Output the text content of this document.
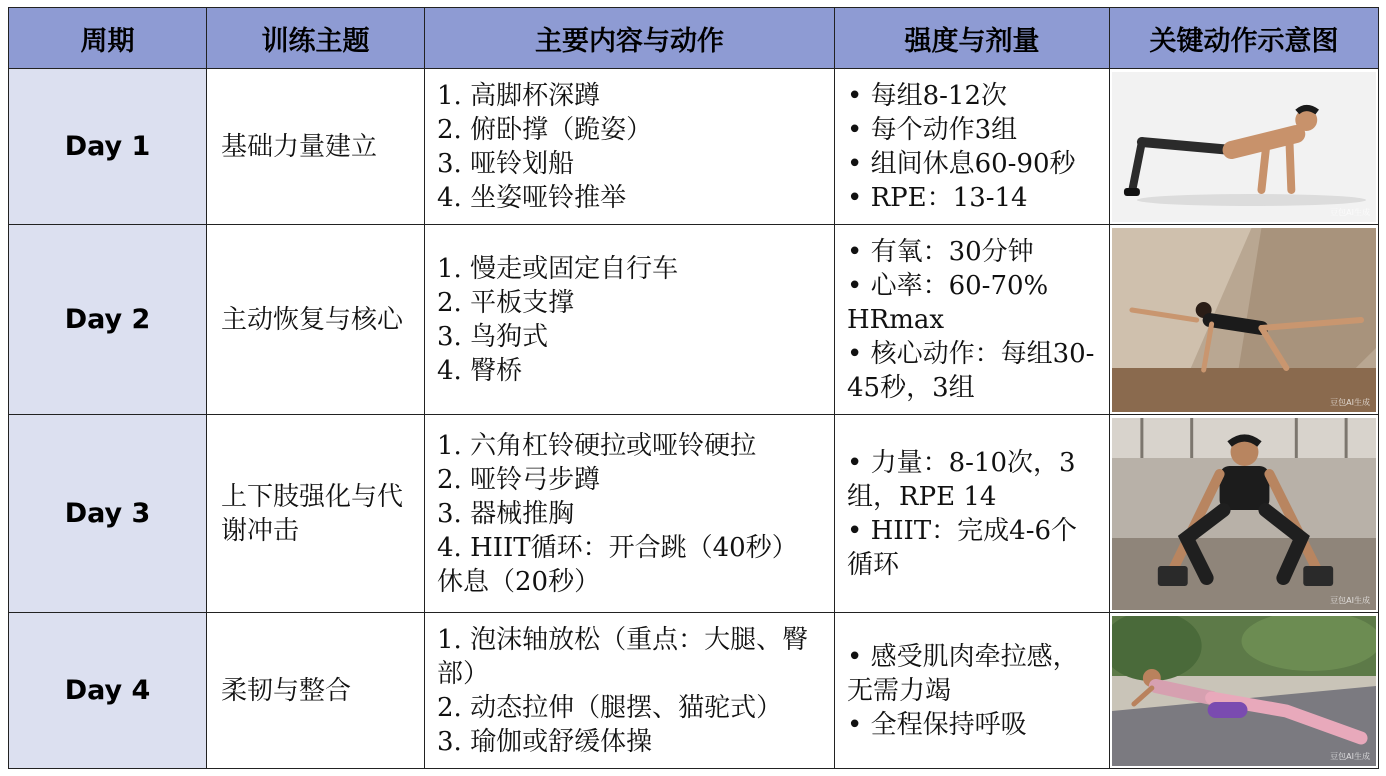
周期	训练主题	主要内容与动作	强度与剂量	关键动作示意图
Day 1	基础力量建立	1. 高脚杯深蹲
2. 俯卧撑（跪姿）
3. 哑铃划船
4. 坐姿哑铃推举	• 每组8-12次
• 每个动作3组
• 组间休息60-90秒
• RPE：13-14	豆包AI生成

Day 2	主动恢复与核心	1. 慢走或固定自行车
2. 平板支撑
3. 鸟狗式
4. 臀桥	• 有氧：30分钟
• 心率：60-70% HRmax
• 核心动作：每组30-45秒，3组	豆包AI生成

Day 3	上下肢强化与代谢冲击	1. 六角杠铃硬拉或哑铃硬拉
2. 哑铃弓步蹲
3. 器械推胸
4. HIIT循环：开合跳（40秒）休息（20秒）	• 力量：8-10次，3组，RPE 14
• HIIT：完成4-6个循环	豆包AI生成

Day 4	柔韧与整合	1. 泡沫轴放松（重点：大腿、臀部）
2. 动态拉伸（腿摆、猫驼式）
3. 瑜伽或舒缓体操	• 感受肌肉牵拉感，无需力竭
• 全程保持呼吸	豆包AI生成
